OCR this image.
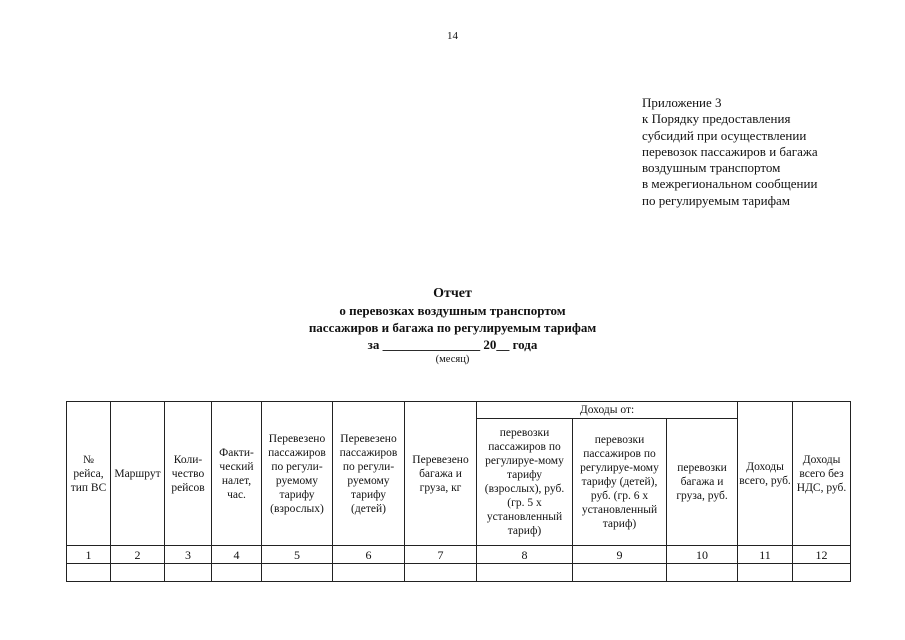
14
Приложение 3
к Порядку предоставления
субсидий при осуществлении
перевозок пассажиров и багажа
воздушным транспортом
в межрегиональном сообщении
по регулируемым тарифам
Отчет
о перевозках воздушным транспортом
пассажиров и багажа по регулируемым тарифам
за _______________ 20__ года
(месяц)
№ рейса, тип ВС	Маршрут	Коли-чество рейсов	Факти-ческий налет, час.	Перевезено пассажиров по регули-руемому тарифу (взрослых)	Перевезено пассажиров по регули-руемому тарифу (детей)	Перевезено багажа и груза, кг	Доходы от:			Доходы всего, руб.	Доходы всего без НДС, руб.
							перевозки пассажиров по регулируе-мому тарифу (взрослых), руб. (гр. 5 х установленный тариф)	перевозки пассажиров по регулируе-мому тарифу (детей), руб. (гр. 6 х установленный тариф)	перевозки багажа и груза, руб.		
1	2	3	4	5	6	7	8	9	10	11	12
